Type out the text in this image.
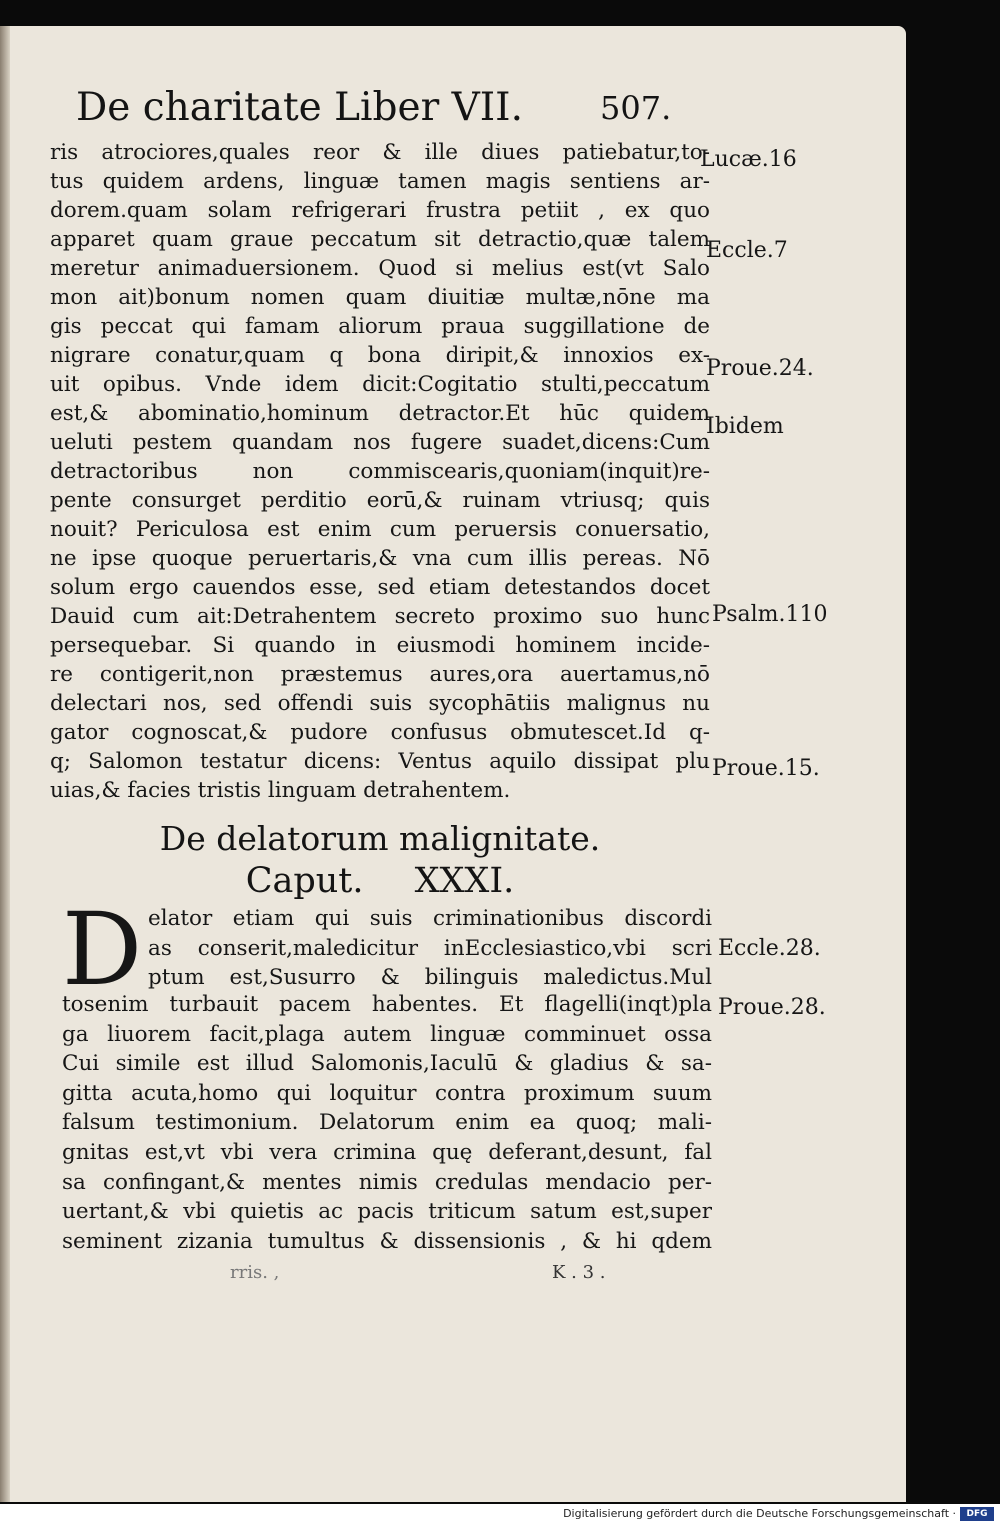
De charitate Liber VII. 507.
ris atrociores,quales reor & ille diues patiebatur,to-
tus quidem ardens, linguæ tamen magis sentiens ar-
dorem.quam solam refrigerari frustra petiit , ex quo
apparet quam graue peccatum sit detractio,quæ talem
meretur animaduersionem. Quod si melius est(vt Salo
mon ait)bonum nomen quam diuitiæ multæ,nōne ma
gis peccat qui famam aliorum praua suggillatione de
nigrare conatur,quam q bona diripit,& innoxios ex-
uit opibus. Vnde idem dicit:Cogitatio stulti,peccatum
est,& abominatio,hominum detractor.Et hūc quidem
ueluti pestem quandam nos fugere suadet,dicens:Cum
detractoribus non commiscearis,quoniam(inquit)re-
pente consurget perditio eorū,& ruinam vtriusq; quis
nouit? Periculosa est enim cum peruersis conuersatio,
ne ipse quoque peruertaris,& vna cum illis pereas. Nō
solum ergo cauendos esse, sed etiam detestandos docet
Dauid cum ait:Detrahentem secreto proximo suo hunc
persequebar. Si quando in eiusmodi hominem incide-
re contigerit,non præstemus aures,ora auertamus,nō
delectari nos, sed offendi suis sycophātiis malignus nu
gator cognoscat,& pudore confusus obmutescet.Id q-
q; Salomon testatur dicens: Ventus aquilo dissipat plu
uias,& facies tristis linguam detrahentem.
De delatorum malignitate.
Caput. XXXI.
D elator etiam qui suis criminationibus discordi
as conserit,maledicitur inEcclesiastico,vbi scri
ptum est,Susurro & bilinguis maledictus.Mul
tosenim turbauit pacem habentes. Et flagelli(inqt)pla
ga liuorem facit,plaga autem linguæ comminuet ossa
Cui simile est illud Salomonis,Iaculū & gladius & sa-
gitta acuta,homo qui loquitur contra proximum suum
falsum testimonium. Delatorum enim ea quoq; mali-
gnitas est,vt vbi vera crimina quę deferant,desunt, fal
sa confingant,& mentes nimis credulas mendacio per-
uertant,& vbi quietis ac pacis triticum satum est,super
seminent zizania tumultus & dissensionis , & hi qdem
Lucæ.16
Eccle.7
Proue.24.
Ibidem
Psalm.110
Proue.15.
Eccle.28.
Proue.28.
rris. ,	K . 3 .
Digitalisierung gefördert durch die Deutsche Forschungsgemeinschaft ·	DFG
